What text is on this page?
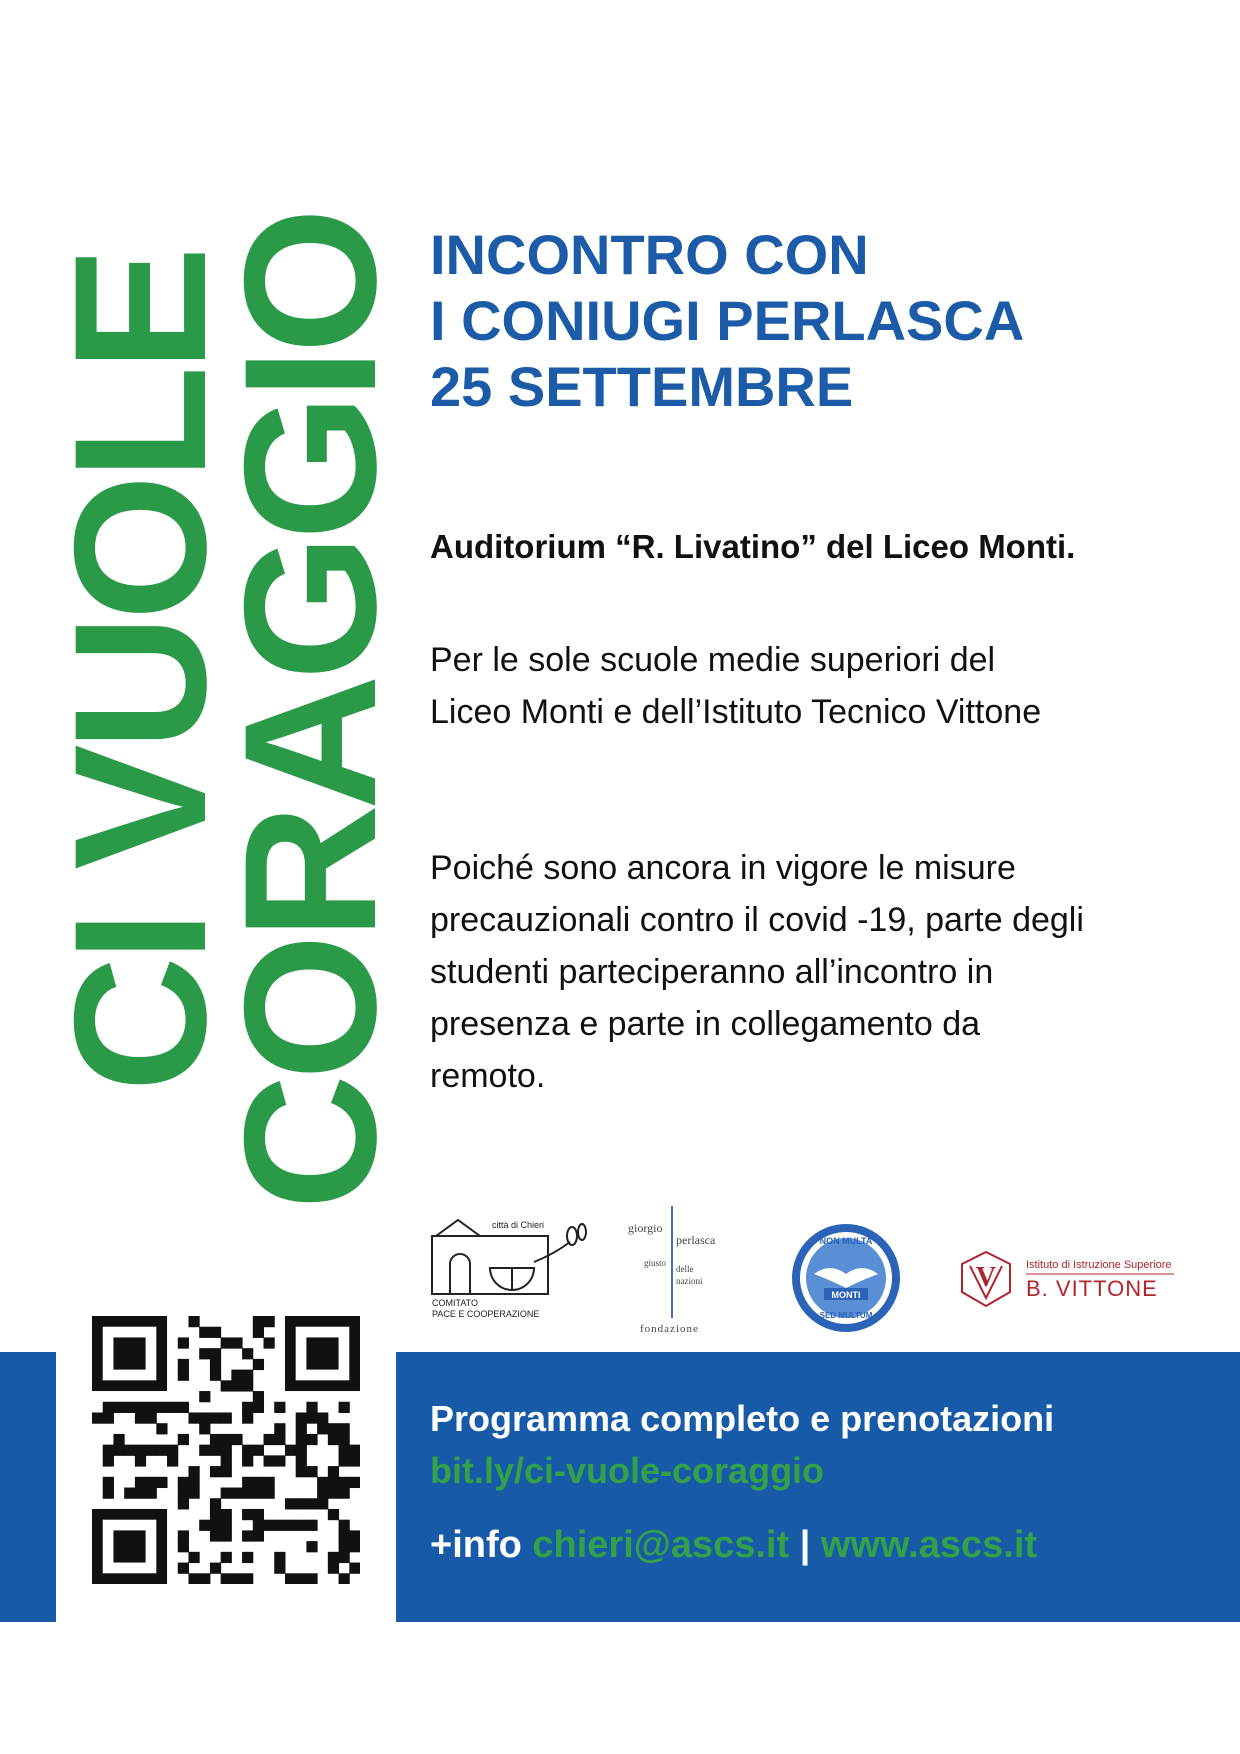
CI VUOLE
CORAGGIO INCONTRO CON
I CONIUGI PERLASCA
25 SETTEMBRE
Auditorium “R. Livatino” del Liceo Monti.

Per le sole scuole medie superiori del
Liceo Monti e dell’Istituto Tecnico Vittone

Poiché sono ancora in vigore le misure
precauzionali contro il covid -19, parte degli
studenti parteciperanno all’incontro in
presenza e parte in collegamento da
remoto.

città di Chieri
COMITATO
PACE E COOPERAZIONE
giorgio
perlasca
giusto
delle
nazioni
fondazione
NON MULTA
MONTI
SED MULTUM
V	Istituto di Istruzione Superiore
B. VITTONE
Programma completo e prenotazioni
bit.ly/ci-vuole-coraggio
+info chieri@ascs.it | www.ascs.it
